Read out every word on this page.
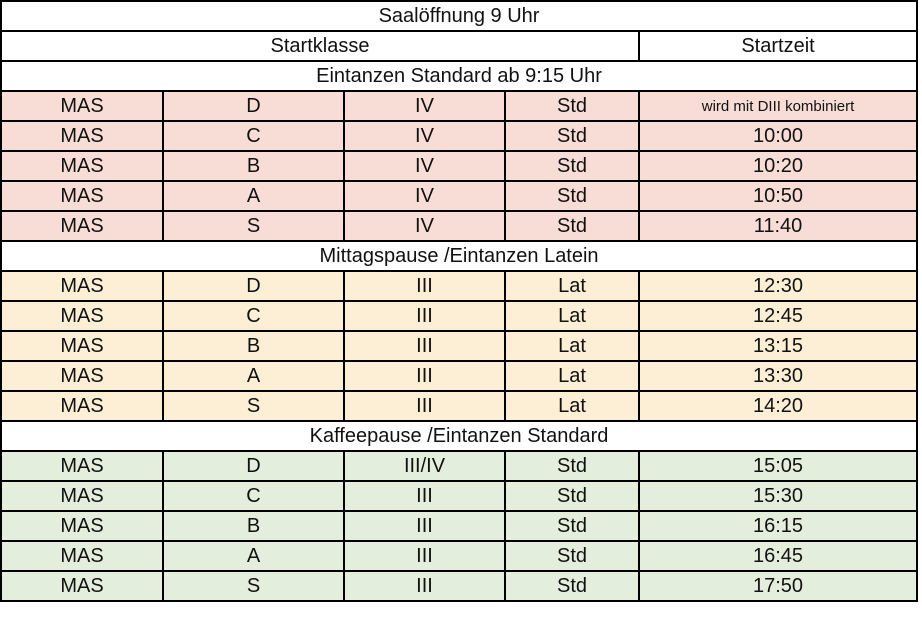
Saalöffnung 9 Uhr				
Startklasse				Startzeit
Eintanzen Standard ab 9:15 Uhr				
MAS	D	IV	Std	wird mit DIII kombiniert
MAS	C	IV	Std	10:00
MAS	B	IV	Std	10:20
MAS	A	IV	Std	10:50
MAS	S	IV	Std	11:40
Mittagspause /Eintanzen Latein				
MAS	D	III	Lat	12:30
MAS	C	III	Lat	12:45
MAS	B	III	Lat	13:15
MAS	A	III	Lat	13:30
MAS	S	III	Lat	14:20
Kaffeepause /Eintanzen Standard				
MAS	D	III/IV	Std	15:05
MAS	C	III	Std	15:30
MAS	B	III	Std	16:15
MAS	A	III	Std	16:45
MAS	S	III	Std	17:50
